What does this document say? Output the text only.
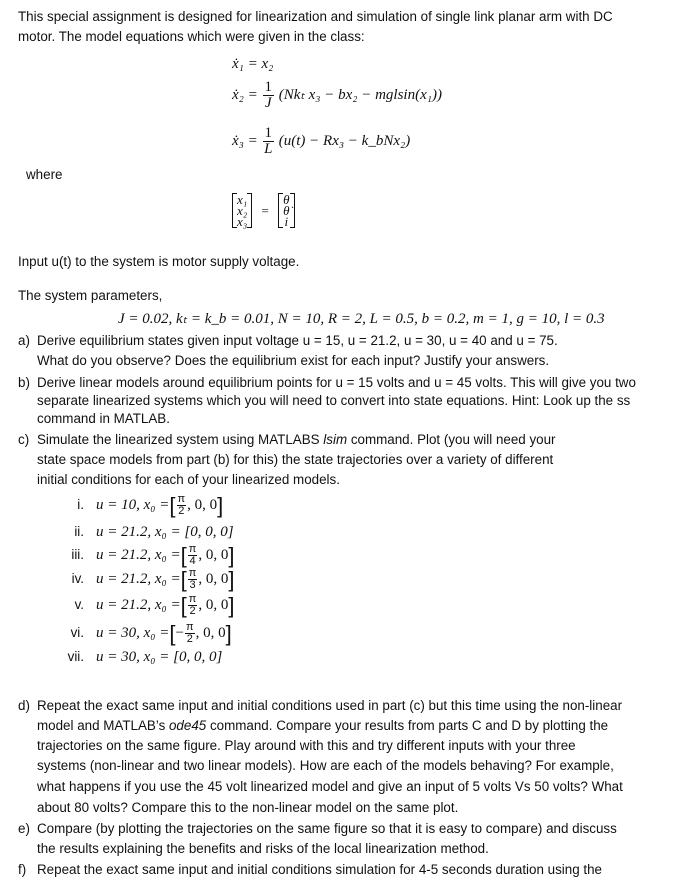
This special assignment is designed for linearization and simulation of single link planar arm with DC
motor. The model equations which were given in the class:
ẋ₁ = x₂
ẋ₂ = $\frac{1}{J} (Nk_t$ x₃ − bx₂ − mglsin(x₁))
ẋ₃ = $\frac{1}{L} (u(t) - Rx_3$ − k_bNx₂)
where
x₁
x₂
x₃
=
θ
θ̇
i
Input u(t) to the system is motor supply voltage.
The system parameters,
J = 0.02, kₜ = k_b = 0.01, N = 10, R = 2, L = 0.5, b = 0.2, m = 1, g = 10, l = 0.3
a) Derive equilibrium states given input voltage u = 15, u = 21.2, u = 30, u = 40 and u = 75.
What do you observe? Does the equilibrium exist for each input? Justify your answers.
b) Derive linear models around equilibrium points for u = 15 volts and u = 45 volts. This will give you two
separate linearized systems which you will need to convert into state equations. Hint: Look up the ss
command in MATLAB.
c) Simulate the linearized system using MATLABS lsim command. Plot (you will need your
state space models from part (b) for this) the state trajectories over a variety of different
initial conditions for each of your linearized models.
i. u = 10, x₀ =[ $\frac{\pi}{2}$ , 0, 0]
ii. u = 21.2, x₀ = [0, 0, 0]
iii. u = 21.2, x₀ =[ $\frac{\pi}{4}$ , 0, 0]
iv. u = 21.2, x₀ =[ $\frac{\pi}{3}$ , 0, 0]
v. u = 21.2, x₀ =[ $\frac{\pi}{2}$ , 0, 0]
vi. u = 30, x₀ =[− $\frac{\pi}{2}$ , 0, 0]
vii. u = 30, x₀ = [0, 0, 0]
d) Repeat the exact same input and initial conditions used in part (c) but this time using the non-linear
model and MATLAB’s ode45 command. Compare your results from parts C and D by plotting the
trajectories on the same figure. Play around with this and try different inputs with your three
systems (non-linear and two linear models). How are each of the models behaving? For example,
what happens if you use the 45 volt linearized model and give an input of 5 volts Vs 50 volts? What
about 80 volts? Compare this to the non-linear model on the same plot.
e) Compare (by plotting the trajectories on the same figure so that it is easy to compare) and discuss
the results explaining the benefits and risks of the local linearization method.
f) Repeat the exact same input and initial conditions simulation for 4-5 seconds duration using the
